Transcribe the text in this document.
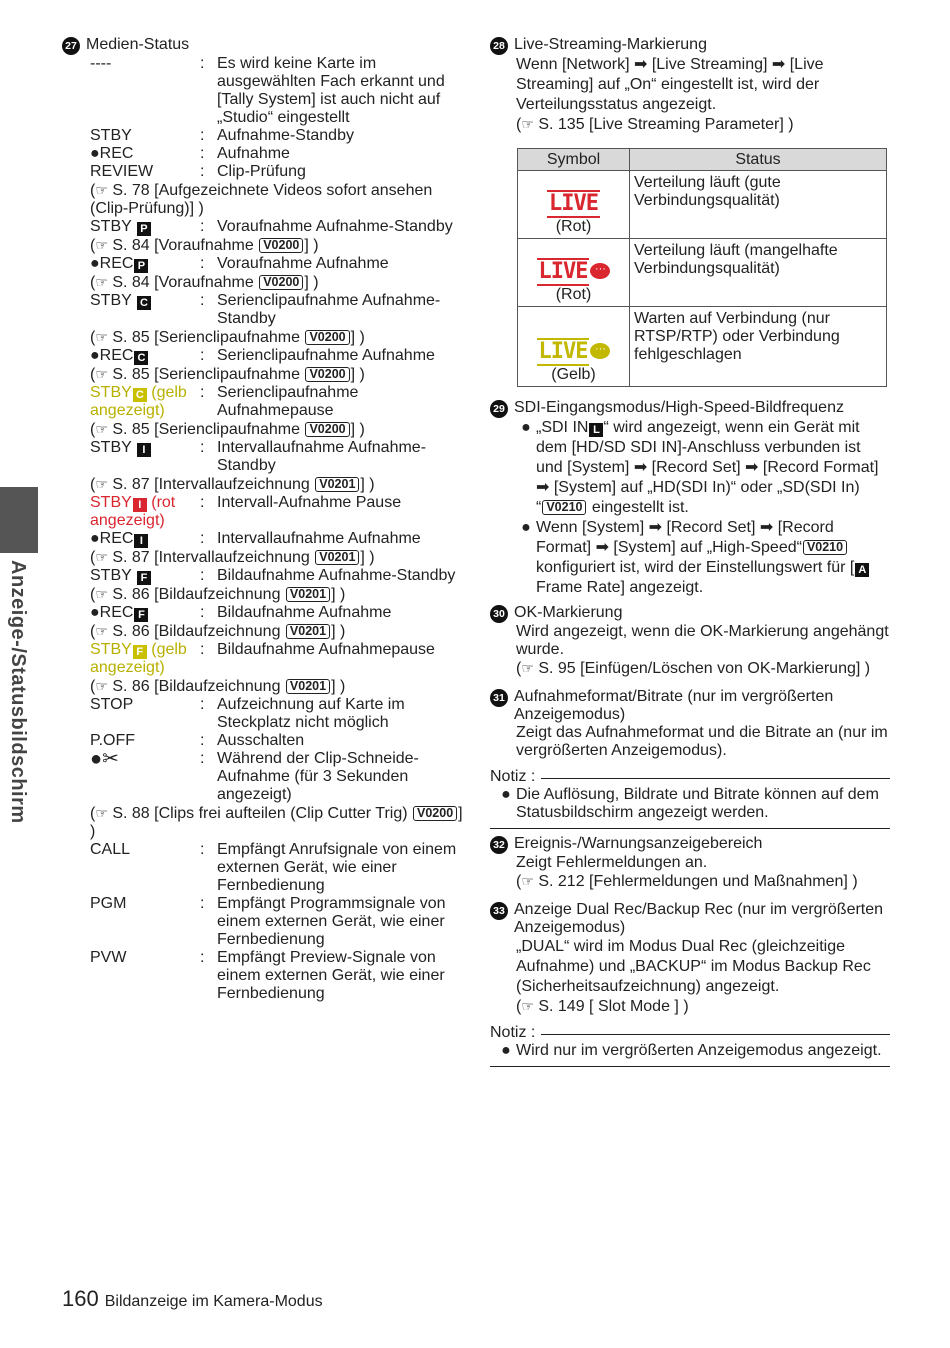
Anzeige-/Statusbildschirm
27 Medien-Status
----	: Es wird keine Karte im ausgewählten Fach erkannt und [Tally System] ist auch nicht auf „Studio“ eingestellt
STBY	: Aufnahme-Standby
●REC	: Aufnahme
REVIEW	: Clip-Prüfung
(☞ S. 78 [Aufgezeichnete Videos sofort ansehen (Clip-Prüfung)] )
STBY P	: Voraufnahme Aufnahme-Standby
(☞ S. 84 [Voraufnahme V0200 ] )
●REC P	: Voraufnahme Aufnahme
(☞ S. 84 [Voraufnahme V0200 ] )
STBY C	: Serienclipaufnahme Aufnahme-Standby
(☞ S. 85 [Serienclipaufnahme V0200 ] )
●REC C	: Serienclipaufnahme Aufnahme
(☞ S. 85 [Serienclipaufnahme V0200 ] )
STBY C (gelb angezeigt)
: Serienclipaufnahme Aufnahmepause
(☞ S. 85 [Serienclipaufnahme V0200 ] )
STBY I	: Intervallaufnahme Aufnahme-Standby
(☞ S. 87 [Intervallaufzeichnung V0201 ] )
STBY I (rot angezeigt)
: Intervall-Aufnahme Pause
●REC I	: Intervallaufnahme Aufnahme
(☞ S. 87 [Intervallaufzeichnung V0201 ] )
STBY F	: Bildaufnahme Aufnahme-Standby
(☞ S. 86 [Bildaufzeichnung V0201 ] )
●REC F	: Bildaufnahme Aufnahme
(☞ S. 86 [Bildaufzeichnung V0201 ] )
STBY F (gelb angezeigt)
: Bildaufnahme Aufnahmepause
(☞ S. 86 [Bildaufzeichnung V0201 ] )
STOP	: Aufzeichnung auf Karte im Steckplatz nicht möglich
P.OFF	: Ausschalten
●✂	: Während der Clip-Schneide-Aufnahme (für 3 Sekunden angezeigt)
(☞ S. 88 [Clips frei aufteilen (Clip Cutter Trig) V0200 ] )
CALL	: Empfängt Anrufsignale von einem externen Gerät, wie einer Fernbedienung
PGM	: Empfängt Programmsignale von einem externen Gerät, wie einer Fernbedienung
PVW	: Empfängt Preview-Signale von einem externen Gerät, wie einer Fernbedienung
28 Live-Streaming-Markierung
Wenn [Network] ➡ [Live Streaming] ➡ [Live Streaming] auf „On“ eingestellt ist, wird der Verteilungsstatus angezeigt.
(☞ S. 135 [Live Streaming Parameter] )
Symbol	Status
LIVE
(Rot)	Verteilung läuft (gute Verbindungsqualität)
LIVE ···
(Rot)	Verteilung läuft (mangelhafte Verbindungsqualität)
LIVE ···
(Gelb)	Warten auf Verbindung (nur RTSP/RTP) oder Verbindung fehlgeschlagen
29 SDI-Eingangsmodus/High-Speed-Bildfrequenz
● „SDI IN L “ wird angezeigt, wenn ein Gerät mit dem [HD/SD SDI IN]-Anschluss verbunden ist und [System] ➡ [Record Set] ➡ [Record Format] ➡ [System] auf „HD(SDI In)“ oder „SD(SDI In)
“ V0210 eingestellt ist.
● Wenn [System] ➡ [Record Set] ➡ [Record Format] ➡ [System] auf „High-Speed“ V0210 konfiguriert ist, wird der Einstellungswert für [ AFrame Rate] angezeigt.
30 OK-Markierung
Wird angezeigt, wenn die OK-Markierung angehängt wurde.
(☞ S. 95 [Einfügen/Löschen von OK-Markierung] )
31 Aufnahmeformat/Bitrate (nur im vergrößerten Anzeigemodus)
Zeigt das Aufnahmeformat und die Bitrate an (nur im vergrößerten Anzeigemodus).
Notiz :
● Die Auflösung, Bildrate und Bitrate können auf dem Statusbildschirm angezeigt werden.
32 Ereignis-/Warnungsanzeigebereich
Zeigt Fehlermeldungen an.
(☞ S. 212 [Fehlermeldungen und Maßnahmen] )
33 Anzeige Dual Rec/Backup Rec (nur im vergrößerten Anzeigemodus)
„DUAL“ wird im Modus Dual Rec (gleichzeitige Aufnahme) und „BACKUP“ im Modus Backup Rec (Sicherheitsaufzeichnung) angezeigt.
(☞ S. 149 [ Slot Mode ] )
Notiz :
● Wird nur im vergrößerten Anzeigemodus angezeigt.
160 Bildanzeige im Kamera-Modus
